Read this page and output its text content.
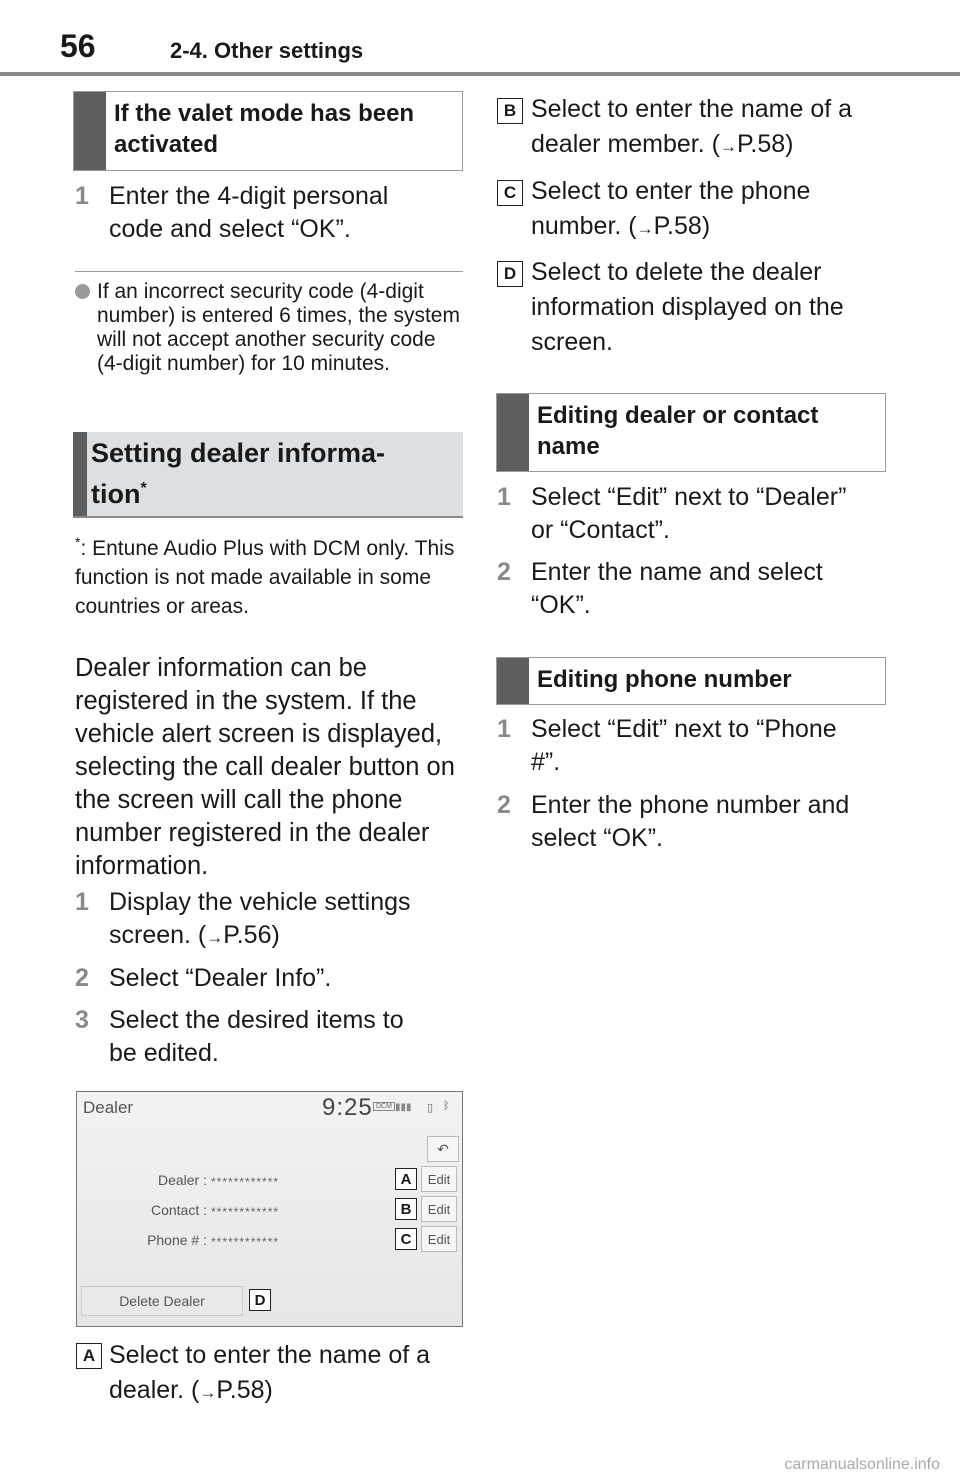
56	2-4. Other settings
If the valet mode has been activated
1 Enter the 4-digit personal code and select “OK”.
If an incorrect security code (4-digit number) is entered 6 times, the system will not accept another security code (4-digit number) for 10 minutes.
Setting dealer informa-
tion*
*: Entune Audio Plus with DCM only. This function is not made available in some countries or areas.
Dealer information can be registered in the system. If the vehicle alert screen is displayed, selecting the call dealer button on the screen will call the phone number registered in the dealer information.
1 Display the vehicle settings screen. (→P.56)
2 Select “Dealer Info”.
3 Select the desired items to be edited.
Dealer	9:25 DCM ▮▮▮ ▯ ᛒ
↶
Dealer : ************	A	Edit
Contact : ************	B	Edit
Phone # : ************	C	Edit
Delete Dealer	D
A Select to enter the name of a dealer. (→P.58)
B Select to enter the name of a dealer member. (→P.58)
C Select to enter the phone number. (→P.58)
D Select to delete the dealer information displayed on the screen.
Editing dealer or contact name
1 Select “Edit” next to “Dealer” or “Contact”.
2 Enter the name and select “OK”.
Editing phone number
1 Select “Edit” next to “Phone #”.
2 Enter the phone number and select “OK”.
carmanualsonline.info
